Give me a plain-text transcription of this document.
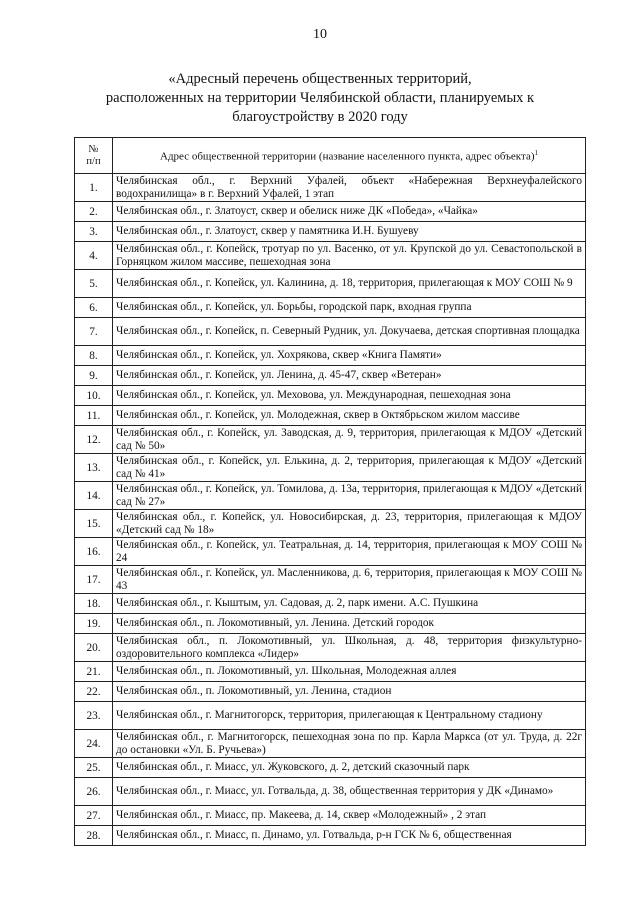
10
«Адресный перечень общественных территорий,
расположенных на территории Челябинской области, планируемых к
благоустройству в 2020 году
№
п/п	Адрес общественной территории (название населенного пункта, адрес объекта)$^1$
1.	Челябинская обл., г. Верхний Уфалей, объект «Набережная Верхнеуфалейского водохранилища» в г. Верхний Уфалей, 1 этап
2.	Челябинская обл., г. Златоуст, сквер и обелиск ниже ДК «Победа», «Чайка»
3.	Челябинская обл., г. Златоуст, сквер у памятника И.Н. Бушуеву
4.	Челябинская обл., г. Копейск, тротуар по ул. Васенко, от ул. Крупской до ул. Севастопольской в Горняцком жилом массиве, пешеходная зона
5.	Челябинская обл., г. Копейск, ул. Калинина, д. 18, территория, прилегающая к МОУ СОШ № 9
6.	Челябинская обл., г. Копейск, ул. Борьбы, городской парк, входная группа
7.	Челябинская обл., г. Копейск, п. Северный Рудник, ул. Докучаева, детская спортивная площадка
8.	Челябинская обл., г. Копейск, ул. Хохрякова, сквер «Книга Памяти»
9.	Челябинская обл., г. Копейск, ул. Ленина, д. 45-47, сквер «Ветеран»
10.	Челябинская обл., г. Копейск, ул. Меховова, ул. Международная, пешеходная зона
11.	Челябинская обл., г. Копейск, ул. Молодежная, сквер в Октябрьском жилом массиве
12.	Челябинская обл., г. Копейск, ул. Заводская, д. 9, территория, прилегающая к МДОУ «Детский сад № 50»
13.	Челябинская обл., г. Копейск, ул. Елькина, д. 2, территория, прилегающая к МДОУ «Детский сад № 41»
14.	Челябинская обл., г. Копейск, ул. Томилова, д. 13а, территория, прилегающая к МДОУ «Детский сад № 27»
15.	Челябинская обл., г. Копейск, ул. Новосибирская, д. 23, территория, прилегающая к МДОУ «Детский сад № 18»
16.	Челябинская обл., г. Копейск, ул. Театральная, д. 14, территория, прилегающая к МОУ СОШ № 24
17.	Челябинская обл., г. Копейск, ул. Масленникова, д. 6, территория, прилегающая к МОУ СОШ № 43
18.	Челябинская обл., г. Кыштым, ул. Садовая, д. 2, парк имени. А.С. Пушкина
19.	Челябинская обл., п. Локомотивный, ул. Ленина. Детский городок
20.	Челябинская обл., п. Локомотивный, ул. Школьная, д. 48, территория физкультурно-оздоровительного комплекса «Лидер»
21.	Челябинская обл., п. Локомотивный, ул. Школьная, Молодежная аллея
22.	Челябинская обл., п. Локомотивный, ул. Ленина, стадион
23.	Челябинская обл., г. Магнитогорск, территория, прилегающая к Центральному стадиону
24.	Челябинская обл., г. Магнитогорск, пешеходная зона по пр. Карла Маркса (от ул. Труда, д. 22г до остановки «Ул. Б. Ручьева»)
25.	Челябинская обл., г. Миасс, ул. Жуковского, д. 2, детский сказочный парк
26.	Челябинская обл., г. Миасс, ул. Готвальда, д. 38, общественная территория у ДК «Динамо»
27.	Челябинская обл., г. Миасс, пр. Макеева, д. 14, сквер «Молодежный» , 2 этап
28.	Челябинская обл., г. Миасс, п. Динамо, ул. Готвальда, р-н ГСК № 6, общественная
